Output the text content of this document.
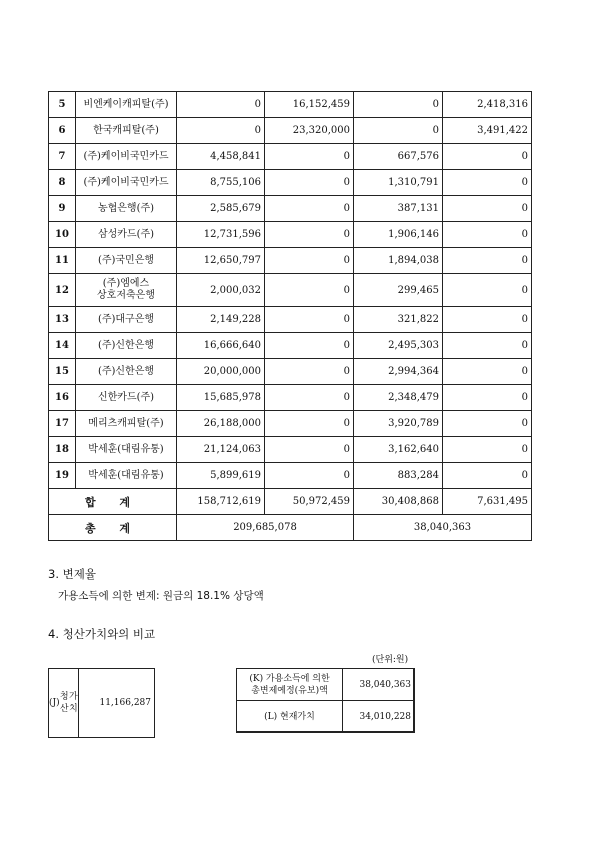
5	비엔케이캐피탈(주)	0	16,152,459	0	2,418,316
6	한국캐피탈(주)	0	23,320,000	0	3,491,422
7	(주)케이비국민카드	4,458,841	0	667,576	0
8	(주)케이비국민카드	8,755,106	0	1,310,791	0
9	농협은행(주)	2,585,679	0	387,131	0
10	삼성카드(주)	12,731,596	0	1,906,146	0
11	(주)국민은행	12,650,797	0	1,894,038	0
12	(주)엠에스
상호저축은행	2,000,032	0	299,465	0
13	(주)대구은행	2,149,228	0	321,822	0
14	(주)신한은행	16,666,640	0	2,495,303	0
15	(주)신한은행	20,000,000	0	2,994,364	0
16	신한카드(주)	15,685,978	0	2,348,479	0
17	메리츠캐피탈(주)	26,188,000	0	3,920,789	0
18	박세훈(대림유통)	21,124,063	0	3,162,640	0
19	박세훈(대림유통)	5,899,619	0	883,284	0
합 계		158,712,619	50,972,459	30,408,868	7,631,495
총 계		209,685,078		38,040,363	
3. 변제율
가용소득에 의한 변제: 원금의 18.1% 상당액
4. 청산가치와의 비교
(단위:원)
(J)

청산

가치
11,166,287
(K) 가용소득에 의한
총변제예정(유보)액	38,040,363
(L) 현재가치	34,010,228
